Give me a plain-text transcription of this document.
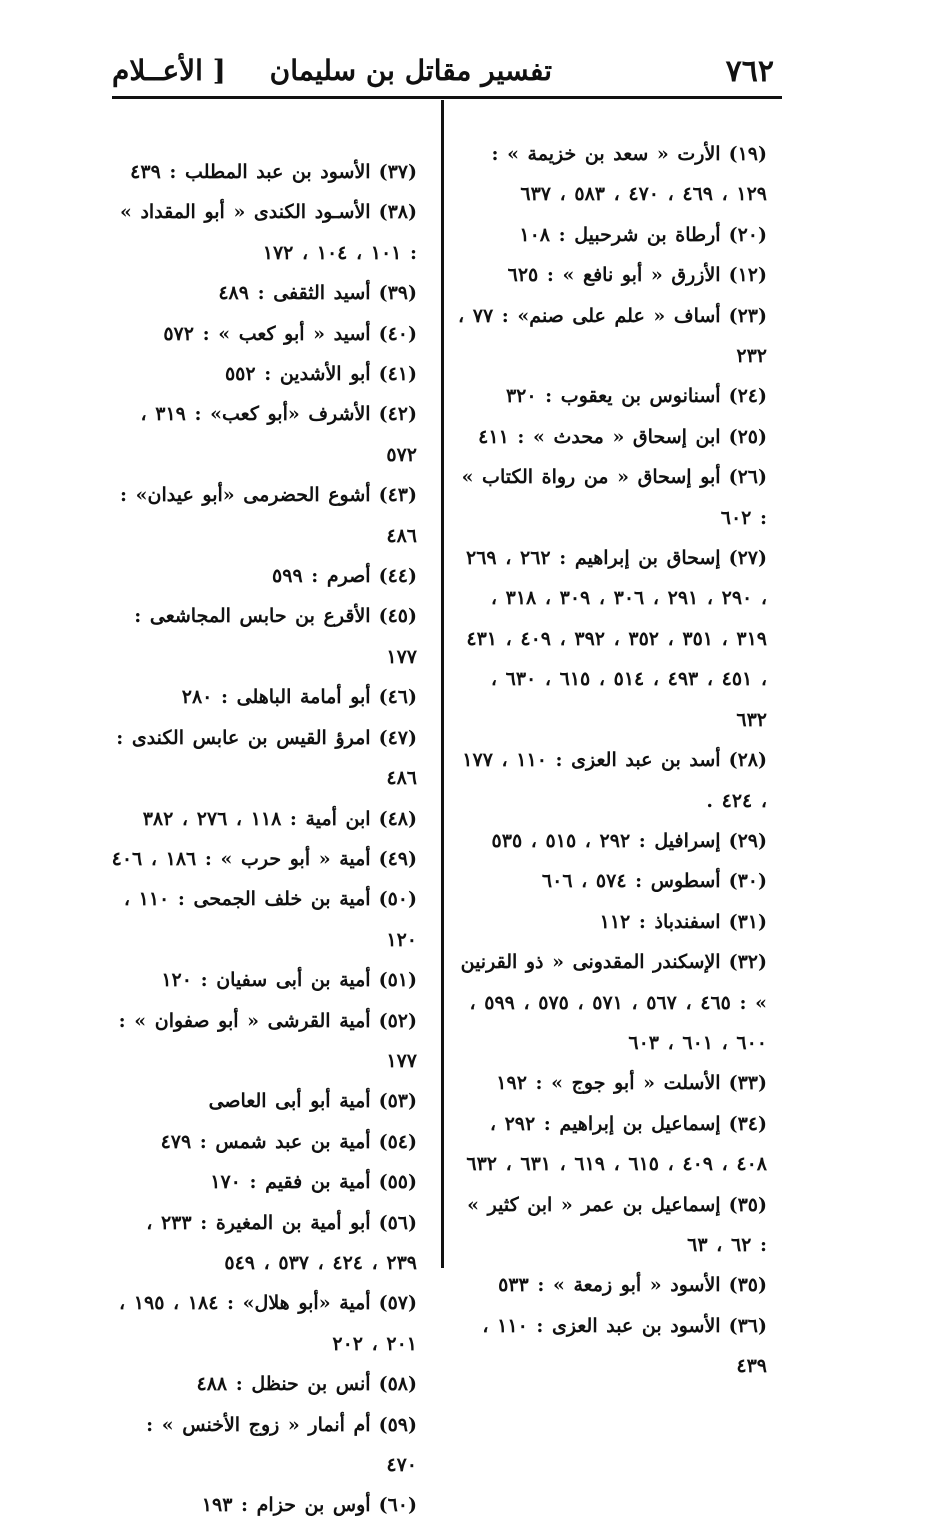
٧٦٢
تفسير مقاتل بن سليمان
[ الأعــلام

(١٩)الأرت « سعد بن خزيمة » : ١٢٩ ، ٤٦٩ ، ٤٧٠ ، ٥٨٣ ، ٦٣٧

(٢٠)أرطاة بن شرحبيل : ١٠٨

(١٢)الأزرق « أبو نافع » : ٦٢٥

(٢٣)أساف « علم على صنم» : ٧٧ ، ٢٣٢

(٢٤)أسنانوس بن يعقوب : ٣٢٠

(٢٥)ابن إسحاق « محدث » : ٤١١

(٢٦)أبو إسحاق « من رواة الكتاب » : ٦٠٢

(٢٧)إسحاق بن إبراهيم : ٢٦٢ ، ٢٦٩ ، ٢٩٠ ، ٢٩١ ، ٣٠٦ ، ٣٠٩ ، ٣١٨ ، ٣١٩ ، ٣٥١ ، ٣٥٢ ، ٣٩٢ ، ٤٠٩ ، ٤٣١ ، ٤٥١ ، ٤٩٣ ، ٥١٤ ، ٦١٥ ، ٦٣٠ ، ٦٣٢

(٢٨)أسد بن عبد العزى : ١١٠ ، ١٧٧ ، ٤٢٤ .

(٢٩)إسرافيل : ٢٩٢ ، ٥١٥ ، ٥٣٥

(٣٠)أسطوس : ٥٧٤ ، ٦٠٦

(٣١)اسفندباذ : ١١٢

(٣٢)الإسكندر المقدونى « ذو القرنين » : ٤٦٥ ، ٥٦٧ ، ٥٧١ ، ٥٧٥ ، ٥٩٩ ، ٦٠٠ ، ٦٠١ ، ٦٠٣

(٣٣)الأسلت « أبو جوج » : ١٩٢

(٣٤)إسماعيل بن إبراهيم : ٢٩٢ ، ٤٠٨ ، ٤٠٩ ، ٦١٥ ، ٦١٩ ، ٦٣١ ، ٦٣٢

(٣٥)إسماعيل بن عمر « ابن كثير » : ٦٢ ، ٦٣

(٣٥)الأسود « أبو زمعة » : ٥٣٣

(٣٦)الأسود بن عبد العزى : ١١٠ ، ٤٣٩

(٣٧)الأسود بن عبد المطلب : ٤٣٩

(٣٨)الأسـود الكندى « أبو المقداد » : ١٠١ ، ١٠٤ ، ١٧٢

(٣٩)أسيد الثقفى : ٤٨٩

(٤٠)أسيد « أبو كعب » : ٥٧٢

(٤١)أبو الأشدين : ٥٥٢

(٤٢)الأشرف «أبو كعب» : ٣١٩ ، ٥٧٢

(٤٣)أشوع الحضرمى «أبو عيدان» : ٤٨٦

(٤٤)أصرم : ٥٩٩

(٤٥)الأقرع بن حابس المجاشعى : ١٧٧

(٤٦)أبو أمامة الباهلى : ٢٨٠

(٤٧)امرؤ القيس بن عابس الكندى : ٤٨٦

(٤٨)ابن أمية : ١١٨ ، ٢٧٦ ، ٣٨٢

(٤٩)أمية « أبو حرب » : ١٨٦ ، ٤٠٦

(٥٠)أمية بن خلف الجمحى : ١١٠ ، ١٢٠

(٥١)أمية بن أبى سفيان : ١٢٠

(٥٢)أمية القرشى « أبو صفوان » : ١٧٧

(٥٣)أمية أبو أبى العاصى

(٥٤)أمية بن عبد شمس : ٤٧٩

(٥٥)أمية بن فقيم : ١٧٠

(٥٦)أبو أمية بن المغيرة : ٢٣٣ ، ٢٣٩ ، ٤٢٤ ، ٥٣٧ ، ٥٤٩

(٥٧)أمية «أبو هلال» : ١٨٤ ، ١٩٥ ، ٢٠١ ، ٢٠٢

(٥٨)أنس بن حنظل : ٤٨٨

(٥٩)أم أنمار « زوج الأخنس » : ٤٧٠

(٦٠)أوس بن حزام : ١٩٣
